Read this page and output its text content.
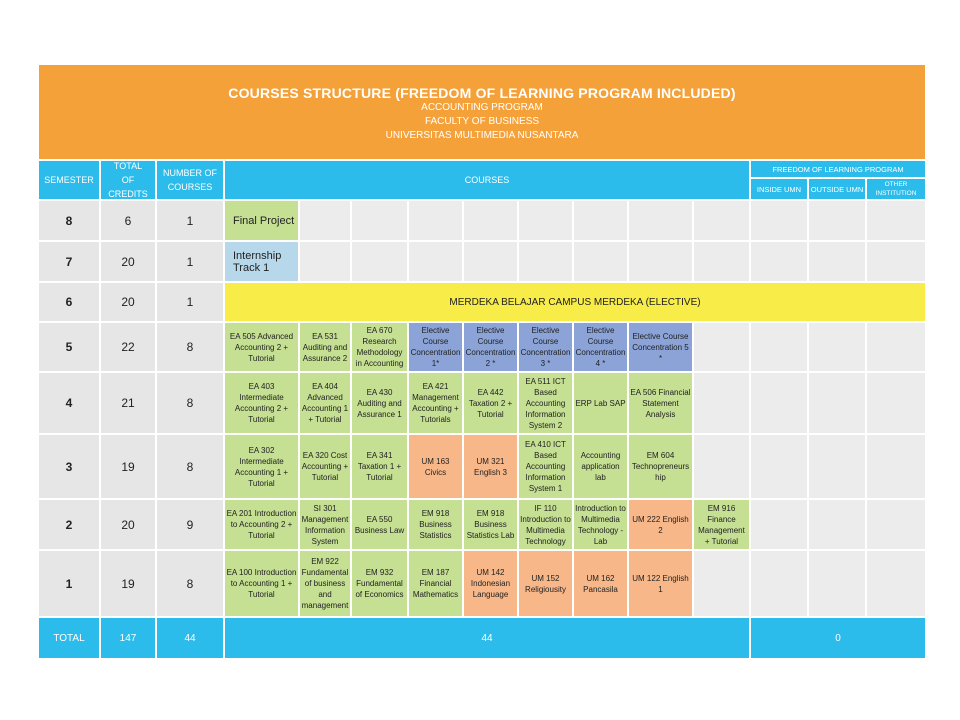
COURSES STRUCTURE (FREEDOM OF LEARNING PROGRAM INCLUDED)
ACCOUNTING PROGRAM
FACULTY OF BUSINESS
UNIVERSITAS MULTIMEDIA NUSANTARA
SEMESTER
TOTAL OF CREDITS
NUMBER OF COURSES
COURSES
FREEDOM OF LEARNING PROGRAM
INSIDE UMN	OUTSIDE UMN	OTHER INSTITUTION
8	6	1	Final Project
7	20	1	Internship Track 1
6	20	1	MERDEKA BELAJAR CAMPUS MERDEKA (ELECTIVE)
5	22	8
EA 505 Advanced Accounting 2 + Tutorial
EA 531 Auditing and Assurance 2
EA 670 Research Methodology in Accounting
Elective Course Concentration 1*
Elective Course Concentration 2 *
Elective Course Concentration 3 *
Elective Course Concentration 4 *
Elective Course Concentration 5 *
4	21	8
EA 403 Intermediate Accounting 2 + Tutorial
EA 404 Advanced Accounting 1 + Tutorial
EA 430 Auditing and Assurance 1
EA 421 Management Accounting + Tutorials
EA 442 Taxation 2 + Tutorial
EA 511 ICT Based Accounting Information System 2
ERP Lab SAP
EA 506 Financial Statement Analysis
3	19	8
EA 302 Intermediate Accounting 1 + Tutorial
EA 320 Cost Accounting + Tutorial
EA 341 Taxation 1 + Tutorial
UM 163 Civics
UM 321 English 3
EA 410 ICT Based Accounting Information System 1
Accounting application lab
EM 604 Technopreneurs hip
2	20	9
EA 201 Introduction to Accounting 2 + Tutorial
SI 301 Management Information System
EA 550 Business Law
EM 918 Business Statistics
EM 918 Business Statistics Lab
IF 110 Introduction to Multimedia Technology
Introduction to Multimedia Technology - Lab
UM 222 English 2
EM 916 Finance Management + Tutorial
1	19	8
EA 100 Introduction to Accounting 1 + Tutorial
EM 922 Fundamental of business and management
EM 932 Fundamental of Economics
EM 187 Financial Mathematics
UM 142 Indonesian Language
UM 152 Religiousity
UM 162 Pancasila
UM 122 English 1
TOTAL	147	44	44	0
